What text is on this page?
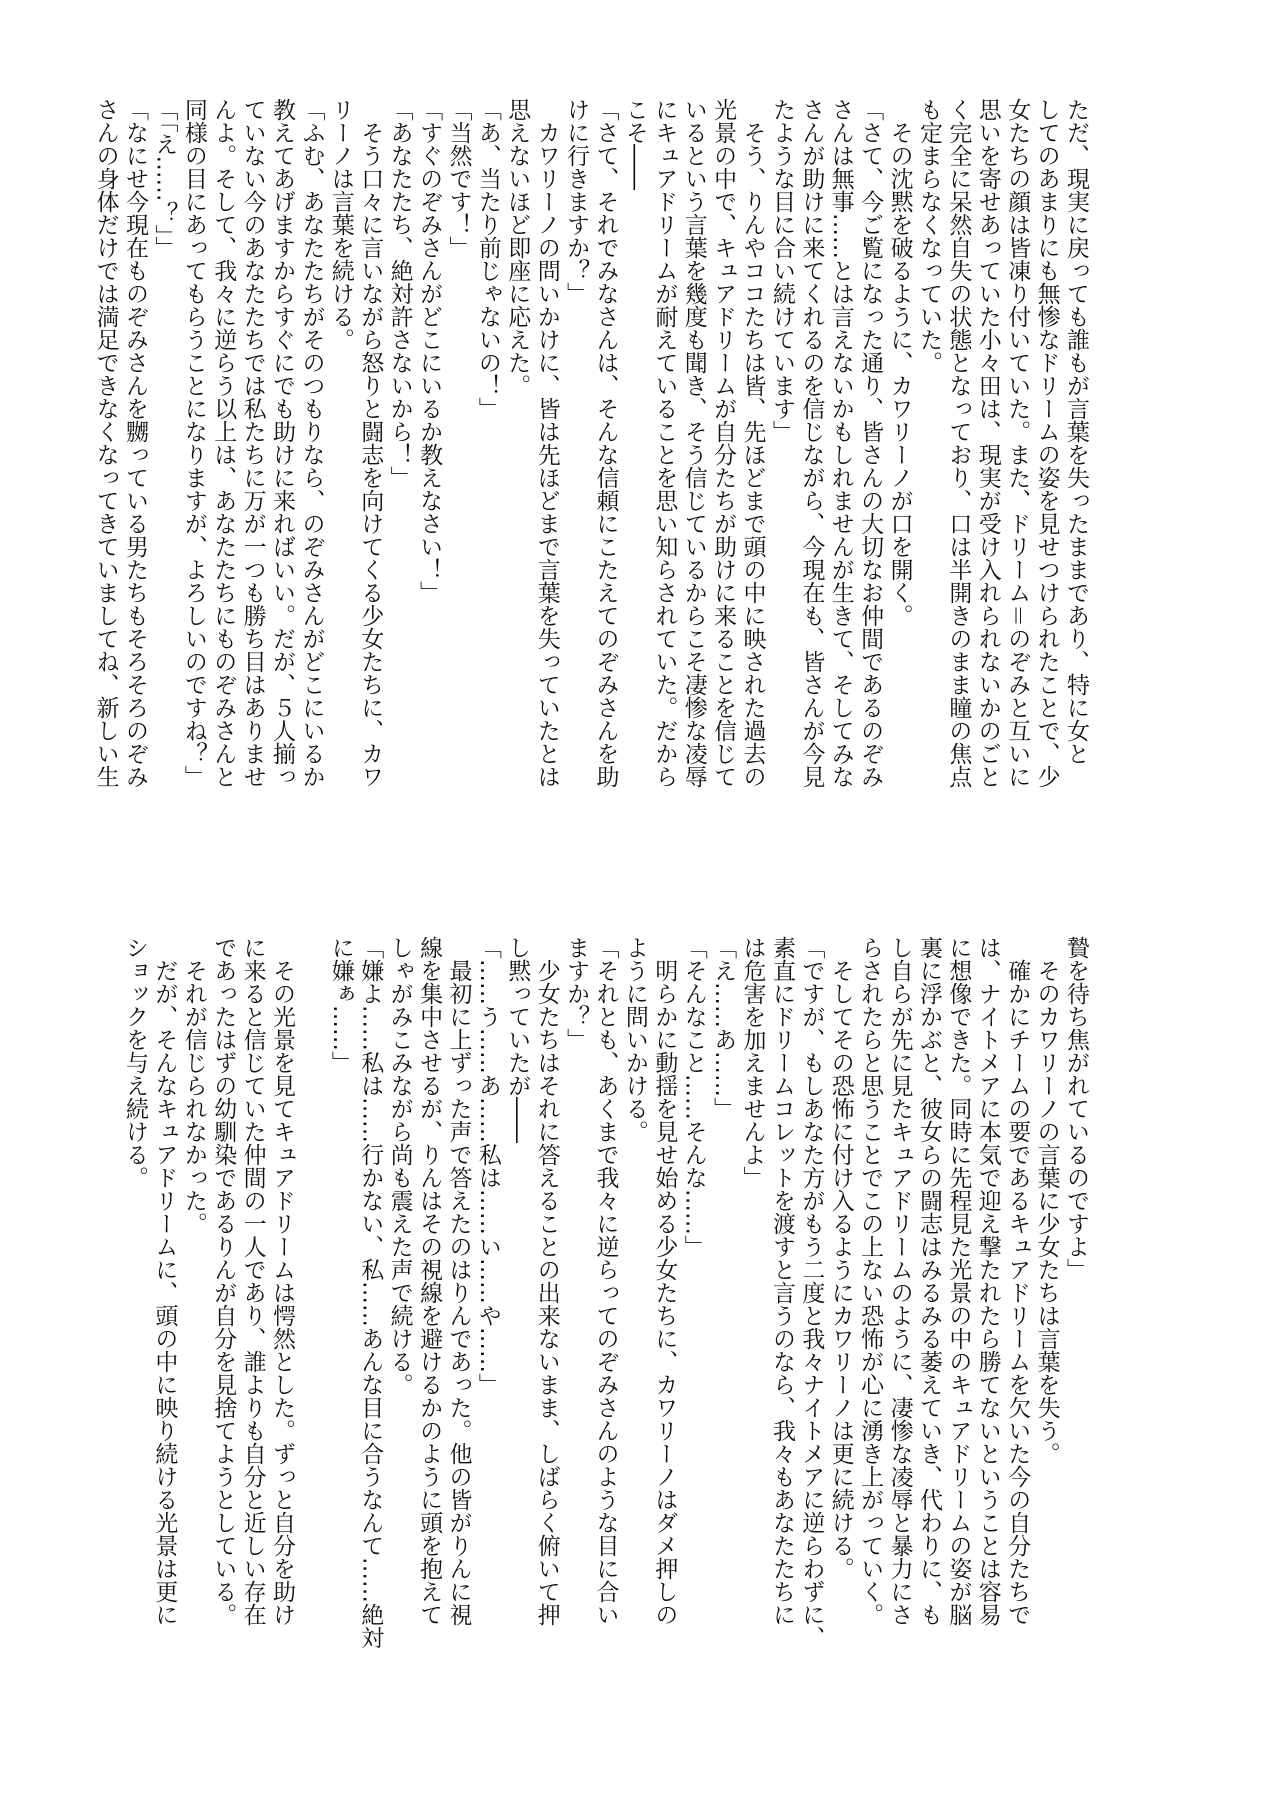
ただ、現実に戻っても誰もが言葉を失ったままであり、特に女と
してのあまりにも無惨なドリームの姿を見せつけられたことで、少
女たちの顔は皆凍り付いていた。また、ドリーム＝のぞみと互いに
思いを寄せあっていた小々田は、現実が受け入れられないかのごと
く完全に呆然自失の状態となっており、口は半開きのまま瞳の焦点
も定まらなくなっていた。
　その沈黙を破るように、カワリーノが口を開く。
「さて、今ご覧になった通り、皆さんの大切なお仲間であるのぞみ
さんは無事……とは言えないかもしれませんが生きて、そしてみな
さんが助けに来てくれるのを信じながら、今現在も、皆さんが今見
たような目に合い続けています」
　そう、りんやココたちは皆、先ほどまで頭の中に映された過去の
光景の中で、キュアドリームが自分たちが助けに来ることを信じて
いるという言葉を幾度も聞き、そう信じているからこそ凄惨な凌辱
にキュアドリームが耐えていることを思い知らされていた。だから
こそ――
「さて、それでみなさんは、そんな信頼にこたえてのぞみさんを助
けに行きますか？」
　カワリーノの問いかけに、皆は先ほどまで言葉を失っていたとは
思えないほど即座に応えた。
「あ、当たり前じゃないの！」
「当然です！」
「すぐのぞみさんがどこにいるか教えなさい！」
「あなたたち、絶対許さないから！」
　そう口々に言いながら怒りと闘志を向けてくる少女たちに、カワ
リーノは言葉を続ける。
「ふむ、あなたたちがそのつもりなら、のぞみさんがどこにいるか
教えてあげますからすぐにでも助けに来ればいい。だが、５人揃っ
ていない今のあなたたちでは私たちに万が一つも勝ち目はありませ
んよ。そして、我々に逆らう以上は、あなたたちにものぞみさんと
同様の目にあってもらうことになりますが、よろしいのですね？」
「「え……？」」
「なにせ今現在ものぞみさんを嬲っている男たちもそろそろのぞみ
さんの身体だけでは満足できなくなってきていましてね、新しい生
贄を待ち焦がれているのですよ」
　そのカワリーノの言葉に少女たちは言葉を失う。
　確かにチームの要であるキュアドリームを欠いた今の自分たちで
は、ナイトメアに本気で迎え撃たれたら勝てないということは容易
に想像できた。同時に先程見た光景の中のキュアドリームの姿が脳
裏に浮かぶと、彼女らの闘志はみるみる萎えていき、代わりに、も
し自らが先に見たキュアドリームのように、凄惨な凌辱と暴力にさ
らされたらと思うことでこの上ない恐怖が心に湧き上がっていく。
　そしてその恐怖に付け入るようにカワリーノは更に続ける。
「ですが、もしあなた方がもう二度と我々ナイトメアに逆らわずに、
素直にドリームコレットを渡すと言うのなら、我々もあなたたちに
は危害を加えませんよ」
「え……あ……」
「そんなこと……そんな……」
　明らかに動揺を見せ始める少女たちに、カワリーノはダメ押しの
ように問いかける。
「それとも、あくまで我々に逆らってのぞみさんのような目に合い
ますか？」
　少女たちはそれに答えることの出来ないまま、しばらく俯いて押
し黙っていたが――
「……う……あ……私は……い……や……」
　最初に上ずった声で答えたのはりんであった。他の皆がりんに視
線を集中させるが、りんはその視線を避けるかのように頭を抱えて
しゃがみこみながら尚も震えた声で続ける。
「嫌よ……私は……行かない、私……あんな目に合うなんて……絶対
に嫌ぁ……」
　その光景を見てキュアドリームは愕然とした。ずっと自分を助け
に来ると信じていた仲間の一人であり、誰よりも自分と近しい存在
であったはずの幼馴染であるりんが自分を見捨てようとしている。
　それが信じられなかった。
　だが、そんなキュアドリームに、頭の中に映り続ける光景は更に
ショックを与え続ける。
